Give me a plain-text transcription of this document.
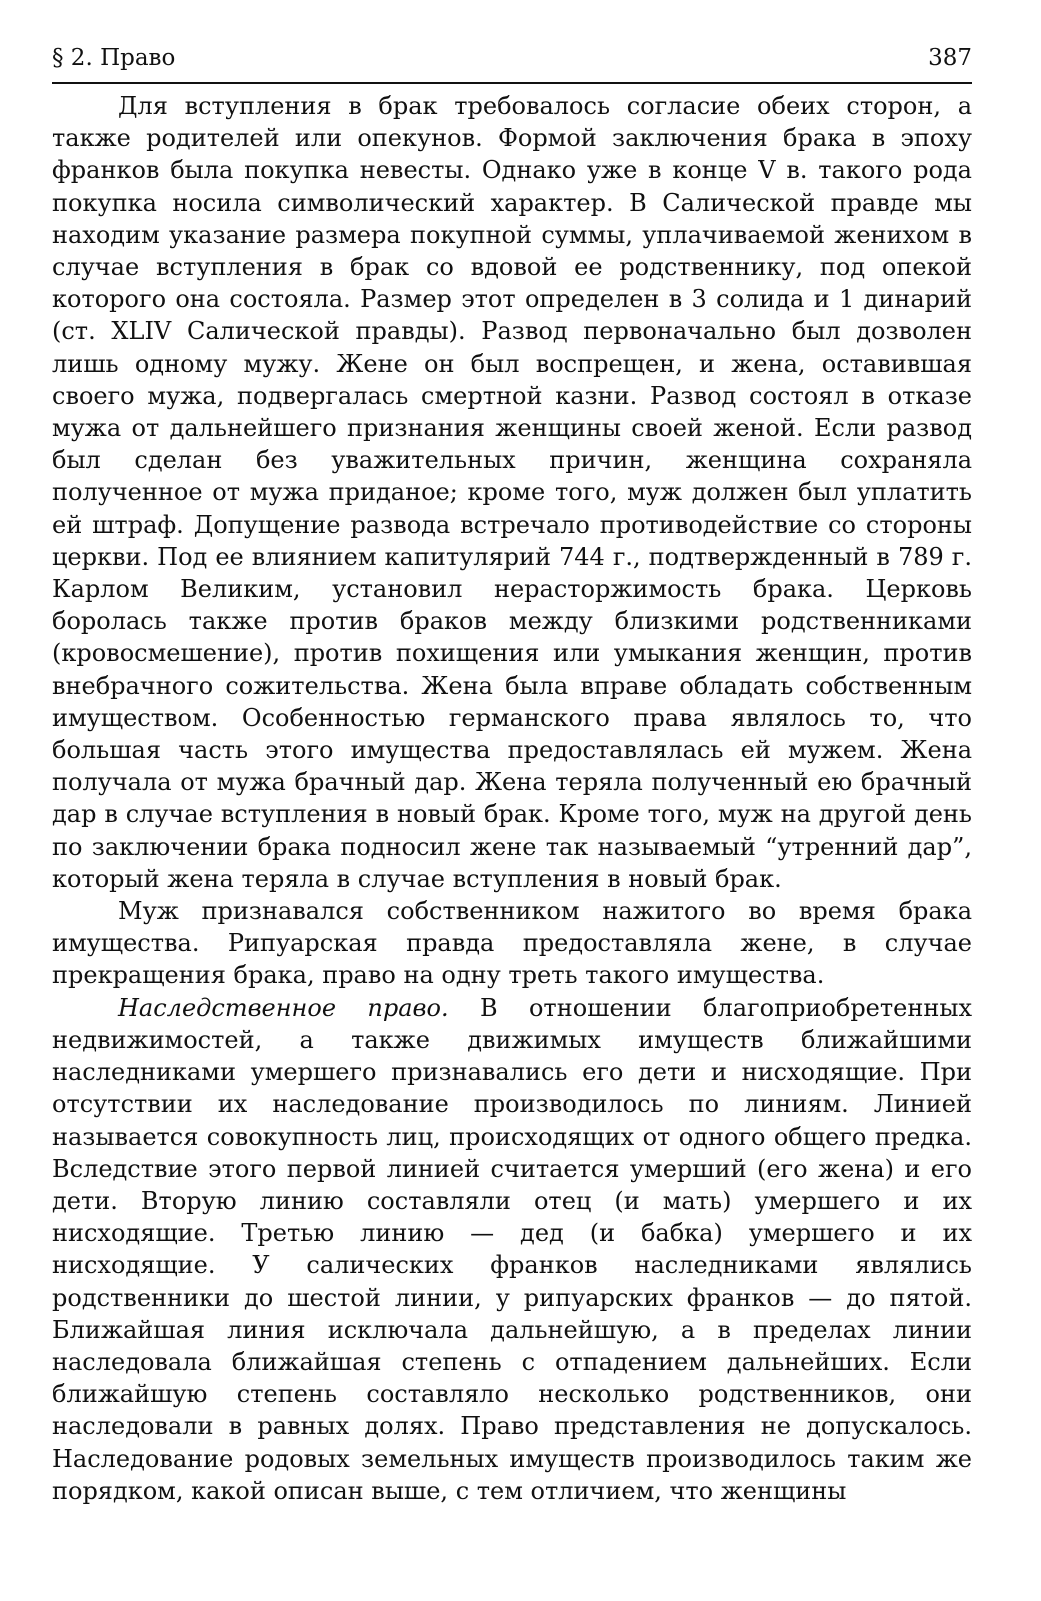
§ 2. Право	387

Для вступления в брак требовалось согласие обеих сторон, а также родителей или опекунов. Формой заключения брака в эпоху франков была покупка невесты. Однако уже в конце V в. такого рода покупка носила символический характер. В Салической правде мы находим указание размера покупной суммы, уплачиваемой женихом в случае вступления в брак со вдовой ее родственнику, под опекой которого она состояла. Размер этот определен в 3 солида и 1 динарий (ст. XLIV Салической правды). Развод первоначально был дозволен лишь одному мужу. Жене он был воспрещен, и жена, оставившая своего мужа, подвергалась смертной казни. Развод состоял в отказе мужа от дальнейшего признания женщины своей женой. Если развод был сделан без уважительных причин, женщина сохраняла полученное от мужа приданое; кроме того, муж должен был уплатить ей штраф. Допущение развода встречало противодействие со стороны церкви. Под ее влиянием капитулярий 744 г., подтвержденный в 789 г. Карлом Великим, установил нерасторжимость брака. Церковь боролась также против браков между близкими родственниками (кровосмешение), против похищения или умыкания женщин, против внебрачного сожительства. Жена была вправе обладать собственным имуществом. Особенностью германского права являлось то, что большая часть этого имущества предоставлялась ей мужем. Жена получала от мужа брачный дар. Жена теряла полученный ею брачный дар в случае вступления в новый брак. Кроме того, муж на другой день по заключении брака подносил жене так называемый “утренний дар”, который жена теряла в случае вступления в новый брак.

Муж признавался собственником нажитого во время брака имущества. Рипуарская правда предоставляла жене, в случае прекращения брака, право на одну треть такого имущества.

Наследственное право. В отношении благоприобретенных недвижимостей, а также движимых имуществ ближайшими наследниками умершего признавались его дети и нисходящие. При отсутствии их наследование производилось по линиям. Линией называется совокупность лиц, происходящих от одного общего предка. Вследствие этого первой линией считается умерший (его жена) и его дети. Вторую линию составляли отец (и мать) умершего и их нисходящие. Третью линию — дед (и бабка) умершего и их нисходящие. У салических франков наследниками являлись родственники до шестой линии, у рипуарских франков — до пятой. Ближайшая линия исключала дальнейшую, а в пределах линии наследовала ближайшая степень с отпадением дальнейших. Если ближайшую степень составляло несколько родственников, они наследовали в равных долях. Право представления не допускалось. Наследование родовых земельных имуществ производилось таким же порядком, какой описан выше, с тем отличием, что женщины
